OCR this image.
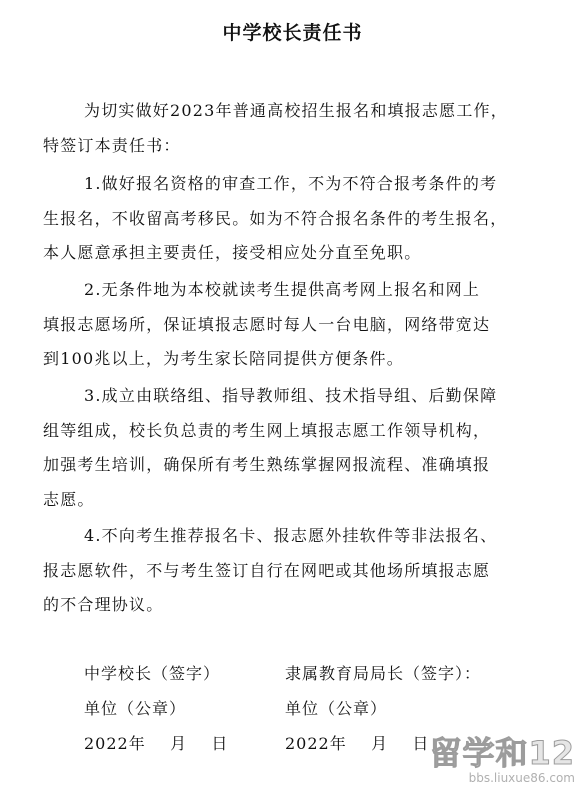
中学校长责任书
为切实做好2023年普通高校招生报名和填报志愿工作，
特签订本责任书：
1.做好报名资格的审查工作，不为不符合报考条件的考
生报名，不收留高考移民。如为不符合报名条件的考生报名，
本人愿意承担主要责任，接受相应处分直至免职。
2.无条件地为本校就读考生提供高考网上报名和网上
填报志愿场所，保证填报志愿时每人一台电脑，网络带宽达
到100兆以上，为考生家长陪同提供方便条件。
3.成立由联络组、指导教师组、技术指导组、后勤保障
组等组成，校长负总责的考生网上填报志愿工作领导机构，
加强考生培训，确保所有考生熟练掌握网报流程、准确填报
志愿。
4.不向考生推荐报名卡、报志愿外挂软件等非法报名、
报志愿软件，不与考生签订自行在网吧或其他场所填报志愿
的不合理协议。
中学校长（签字）
单位（公章）
2022年    月    日
隶属教育局局长（签字）：
单位（公章）
2022年    月    日 留学和12
bbs.liuxue86.com
